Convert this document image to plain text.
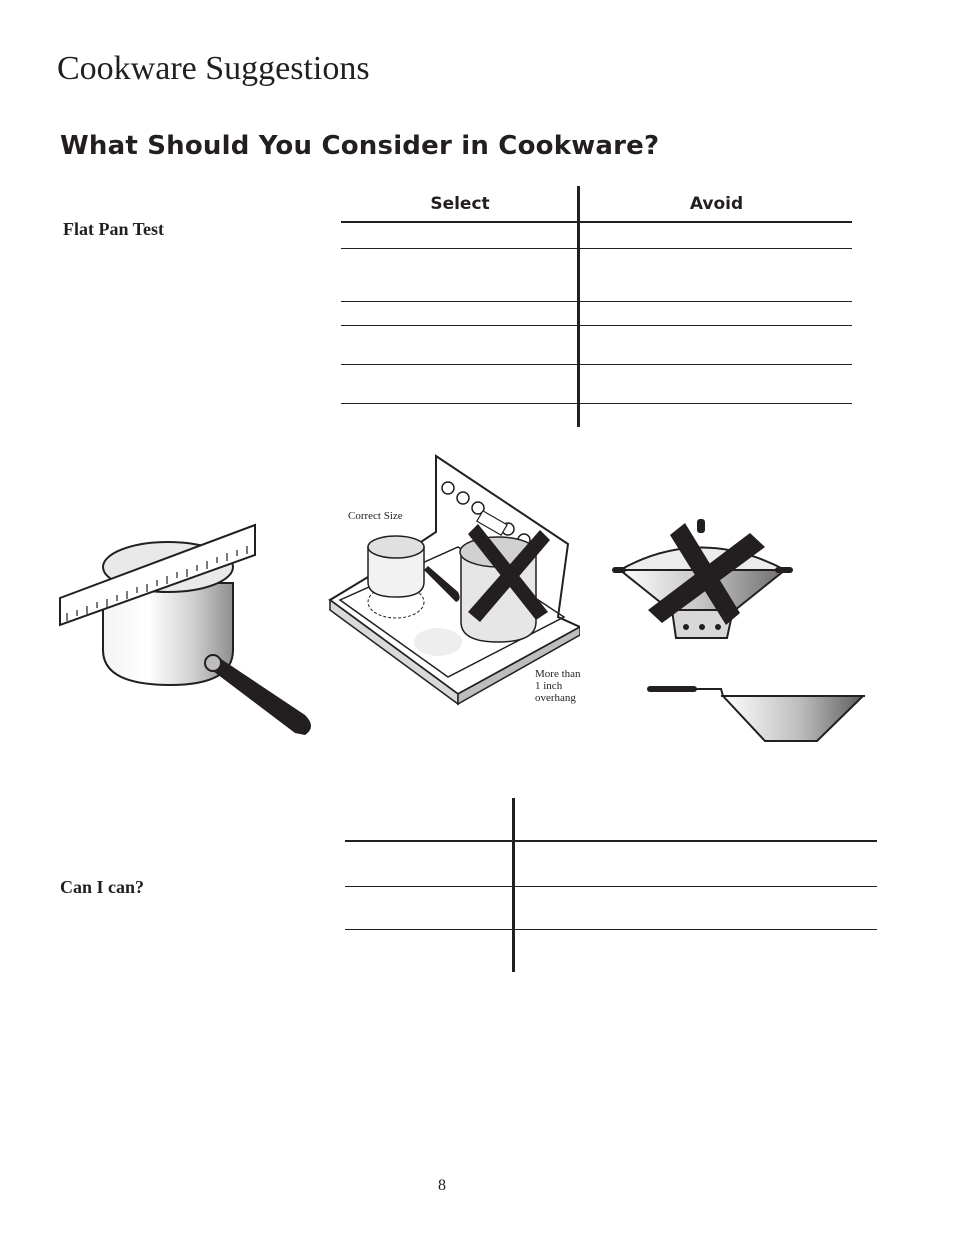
Cookware Suggestions
What Should You Consider in Cookware?
Flat Pan Test
Select	Avoid
Correct Size
More than
1 inch
overhang
Can I can?
8
